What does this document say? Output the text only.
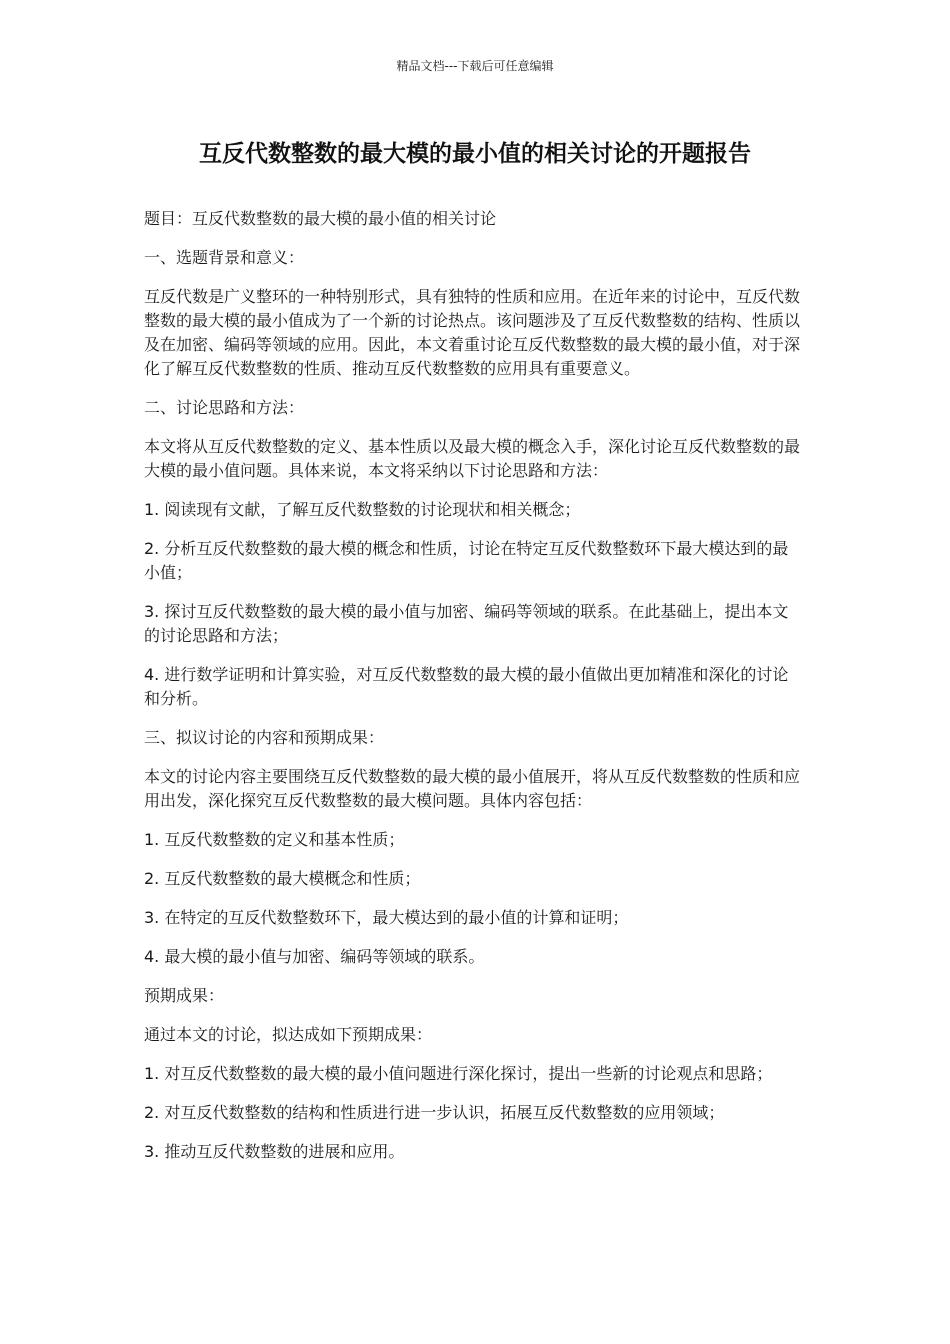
精品文档---下载后可任意编辑
互反代数整数的最大模的最小值的相关讨论的开题报告

题目：互反代数整数的最大模的最小值的相关讨论

一、选题背景和意义：

互反代数是广义整环的一种特别形式，具有独特的性质和应用。在近年来的讨论中，互反代数整数的最大模的最小值成为了一个新的讨论热点。该问题涉及了互反代数整数的结构、性质以及在加密、编码等领域的应用。因此，本文着重讨论互反代数整数的最大模的最小值，对于深化了解互反代数整数的性质、推动互反代数整数的应用具有重要意义。

二、讨论思路和方法：

本文将从互反代数整数的定义、基本性质以及最大模的概念入手，深化讨论互反代数整数的最大模的最小值问题。具体来说，本文将采纳以下讨论思路和方法：

1. 阅读现有文献，了解互反代数整数的讨论现状和相关概念；

2. 分析互反代数整数的最大模的概念和性质，讨论在特定互反代数整数环下最大模达到的最小值；

3. 探讨互反代数整数的最大模的最小值与加密、编码等领域的联系。在此基础上，提出本文的讨论思路和方法；

4. 进行数学证明和计算实验，对互反代数整数的最大模的最小值做出更加精准和深化的讨论和分析。

三、拟议讨论的内容和预期成果：

本文的讨论内容主要围绕互反代数整数的最大模的最小值展开，将从互反代数整数的性质和应用出发，深化探究互反代数整数的最大模问题。具体内容包括：

1. 互反代数整数的定义和基本性质；

2. 互反代数整数的最大模概念和性质；

3. 在特定的互反代数整数环下，最大模达到的最小值的计算和证明；

4. 最大模的最小值与加密、编码等领域的联系。

预期成果：

通过本文的讨论，拟达成如下预期成果：

1. 对互反代数整数的最大模的最小值问题进行深化探讨，提出一些新的讨论观点和思路；

2. 对互反代数整数的结构和性质进行进一步认识，拓展互反代数整数的应用领域；

3. 推动互反代数整数的进展和应用。
